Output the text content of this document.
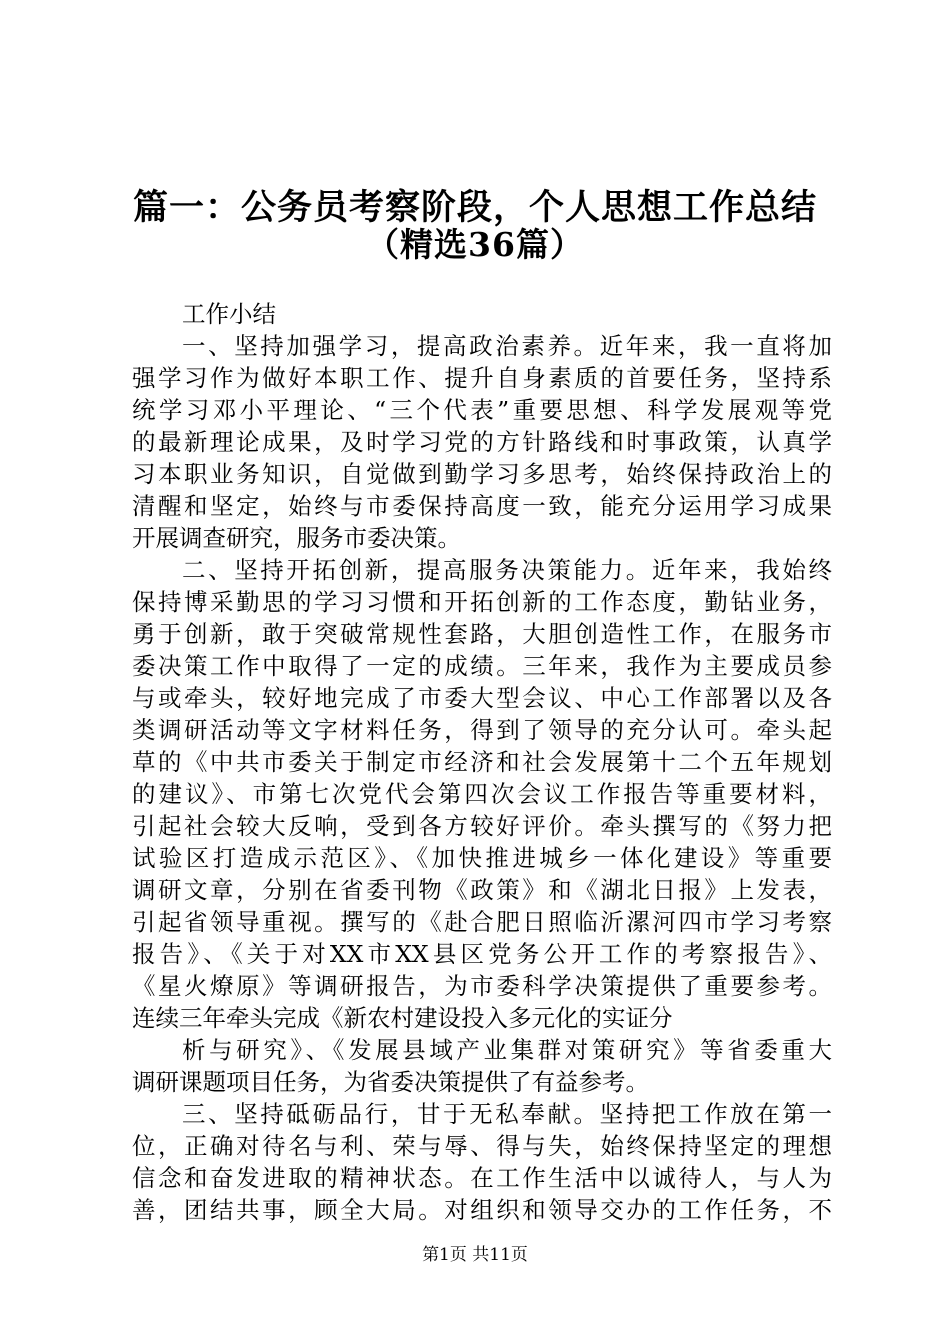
篇一：公务员考察阶段，个人思想工作总结
（精选36篇）
工作小结
一、坚持加强学习，提高政治素养。近年来，我一直将加
强学习作为做好本职工作、提升自身素质的首要任务，坚持系
统学习邓小平理论、“三个代表”重要思想、科学发展观等党
的最新理论成果，及时学习党的方针路线和时事政策，认真学
习本职业务知识，自觉做到勤学习多思考，始终保持政治上的
清醒和坚定，始终与市委保持高度一致，能充分运用学习成果
开展调查研究，服务市委决策。
二、坚持开拓创新，提高服务决策能力。近年来，我始终
保持博采勤思的学习习惯和开拓创新的工作态度，勤钻业务，
勇于创新，敢于突破常规性套路，大胆创造性工作，在服务市
委决策工作中取得了一定的成绩。三年来，我作为主要成员参
与或牵头，较好地完成了市委大型会议、中心工作部署以及各
类调研活动等文字材料任务，得到了领导的充分认可。牵头起
草的《中共市委关于制定市经济和社会发展第十二个五年规划
的建议》、市第七次党代会第四次会议工作报告等重要材料，
引起社会较大反响，受到各方较好评价。牵头撰写的《努力把
试验区打造成示范区》、《加快推进城乡一体化建设》等重要
调研文章，分别在省委刊物《政策》和《湖北日报》上发表，
引起省领导重视。撰写的《赴合肥日照临沂漯河四市学习考察
报告》、《关于对XX市XX县区党务公开工作的考察报告》、
《星火燎原》等调研报告，为市委科学决策提供了重要参考。
连续三年牵头完成《新农村建设投入多元化的实证分
析与研究》、《发展县域产业集群对策研究》等省委重大
调研课题项目任务，为省委决策提供了有益参考。
三、坚持砥砺品行，甘于无私奉献。坚持把工作放在第一
位，正确对待名与利、荣与辱、得与失，始终保持坚定的理想
信念和奋发进取的精神状态。在工作生活中以诚待人，与人为
善，团结共事，顾全大局。对组织和领导交办的工作任务，不
第1页 共11页
